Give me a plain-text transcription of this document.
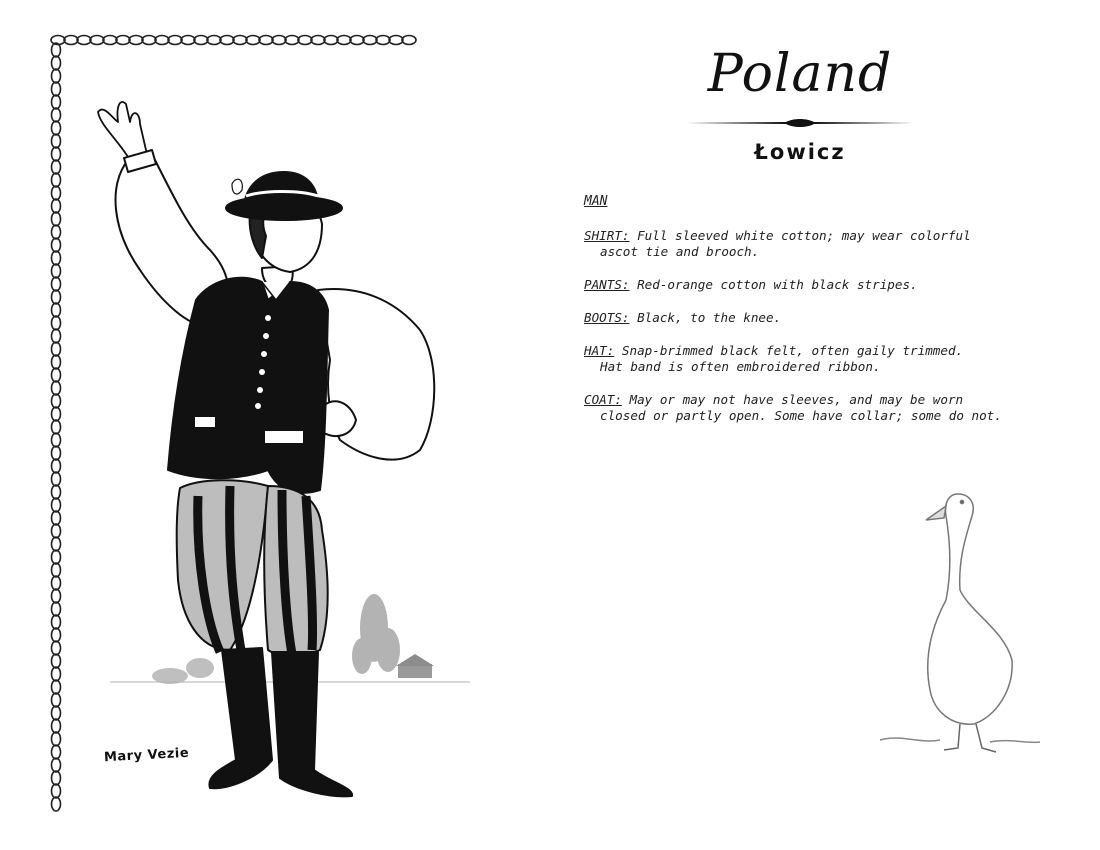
Poland
Łowicz
MAN
SHIRT: Full sleeved white cotton; may wear colorful
ascot tie and brooch.
PANTS: Red-orange cotton with black stripes.
BOOTS: Black, to the knee.
HAT: Snap-brimmed black felt, often gaily trimmed.
Hat band is often embroidered ribbon.
COAT: May or may not have sleeves, and may be worn
closed or partly open. Some have collar; some do not.
Mary Vezie
